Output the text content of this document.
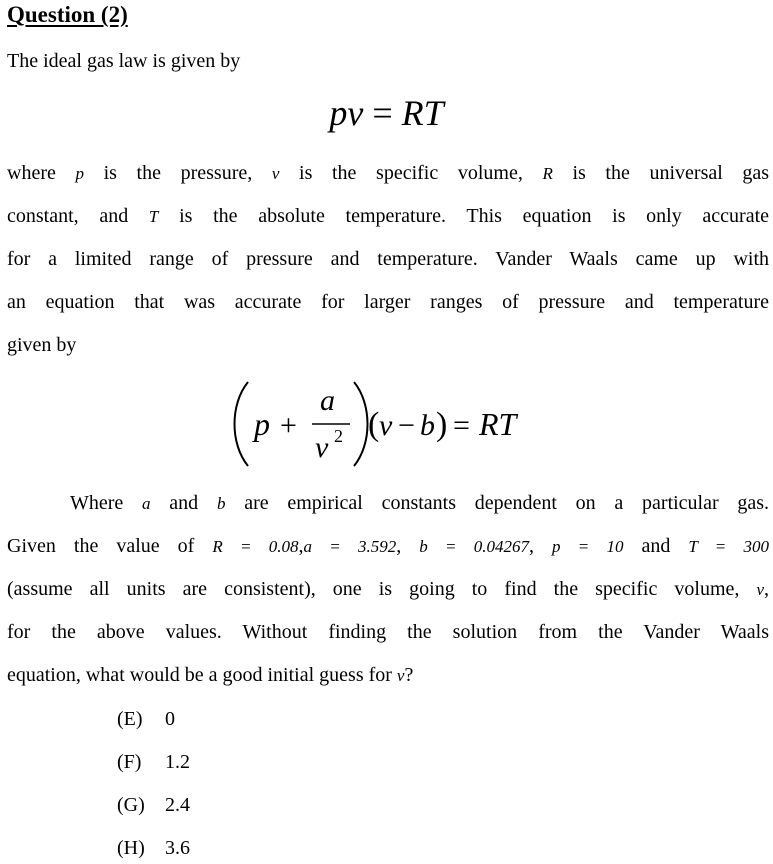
Question (2)
The ideal gas law is given by
pv = RT
where p is the pressure, v is the specific volume, R is the universal gas
constant, and T is the absolute temperature. This equation is only accurate
for a limited range of pressure and temperature. Vander Waals came up with
an equation that was accurate for larger ranges of pressure and temperature
given by
p +
a
v 2 ( v − b ) = RT
Where a and b are empirical constants dependent on a particular gas.
Given the value of R = 0.08,a = 3.592, b = 0.04267, p = 10 and T = 300
(assume all units are consistent), one is going to find the specific volume, v,
for the above values. Without finding the solution from the Vander Waals
equation, what would be a good initial guess for v?
(E) 0
(F) 1.2
(G) 2.4
(H) 3.6
